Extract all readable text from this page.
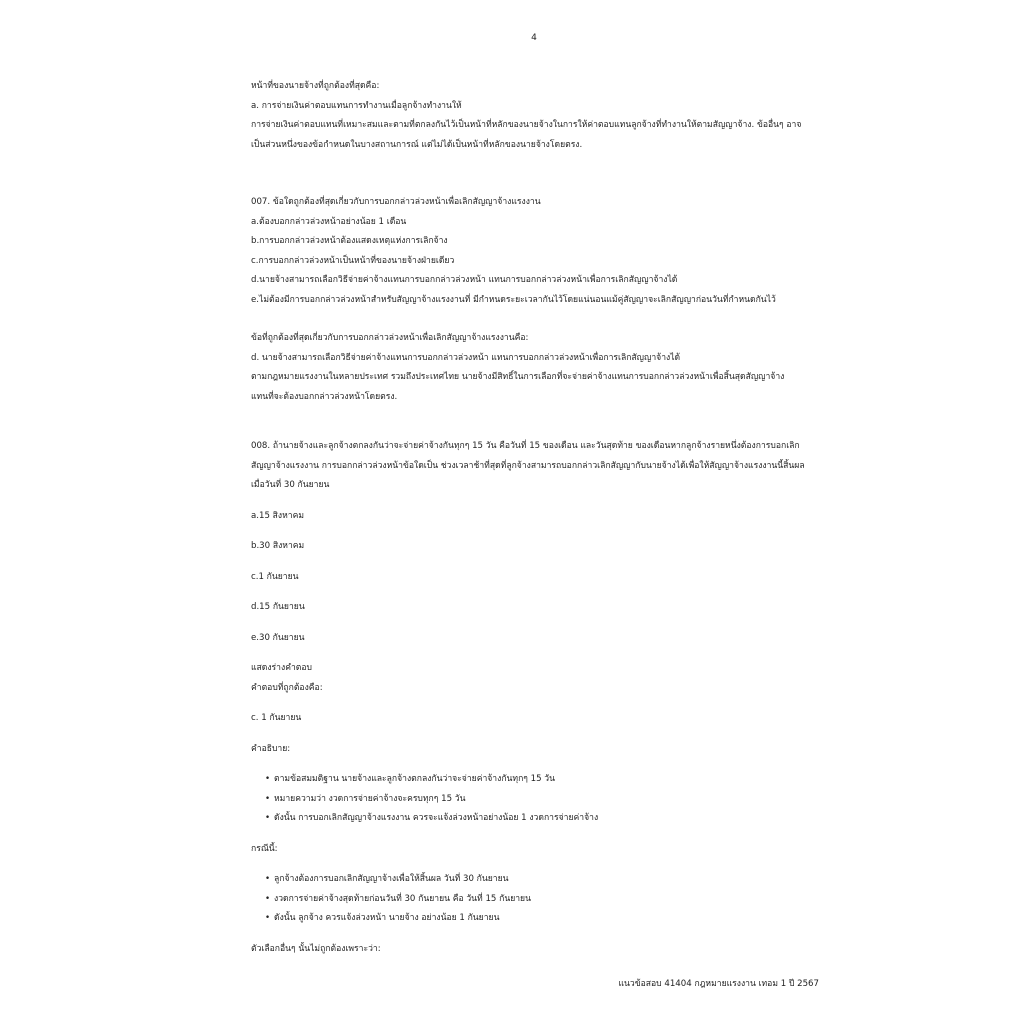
4

หน้าที่ของนายจ้างที่ถูกต้องที่สุดคือ:

a. การจ่ายเงินค่าตอบแทนการทำงานเมื่อลูกจ้างทำงานให้

การจ่ายเงินค่าตอบแทนที่เหมาะสมและตามที่ตกลงกันไว้เป็นหน้าที่หลักของนายจ้างในการให้ค่าตอบแทนลูกจ้างที่ทำงานให้ตามสัญญาจ้าง. ข้ออื่นๆ อาจ

เป็นส่วนหนึ่งของข้อกำหนดในบางสถานการณ์ แต่ไม่ได้เป็นหน้าที่หลักของนายจ้างโดยตรง.

007. ข้อใดถูกต้องที่สุดเกี่ยวกับการบอกกล่าวล่วงหน้าเพื่อเลิกสัญญาจ้างแรงงาน

a.ต้องบอกกล่าวล่วงหน้าอย่างน้อย 1 เดือน

b.การบอกกล่าวล่วงหน้าต้องแสดงเหตุแห่งการเลิกจ้าง

c.การบอกกล่าวล่วงหน้าเป็นหน้าที่ของนายจ้างฝ่ายเดียว

d.นายจ้างสามารถเลือกวิธีจ่ายค่าจ้างแทนการบอกกล่าวล่วงหน้า แทนการบอกกล่าวล่วงหน้าเพื่อการเลิกสัญญาจ้างได้

e.ไม่ต้องมีการบอกกล่าวล่วงหน้าสำหรับสัญญาจ้างแรงงานที่ มีกำหนดระยะเวลากันไว้โดยแน่นอนแม้คู่สัญญาจะเลิกสัญญาก่อนวันที่กำหนดกันไว้

ข้อที่ถูกต้องที่สุดเกี่ยวกับการบอกกล่าวล่วงหน้าเพื่อเลิกสัญญาจ้างแรงงานคือ:

d. นายจ้างสามารถเลือกวิธีจ่ายค่าจ้างแทนการบอกกล่าวล่วงหน้า แทนการบอกกล่าวล่วงหน้าเพื่อการเลิกสัญญาจ้างได้

ตามกฎหมายแรงงานในหลายประเทศ รวมถึงประเทศไทย นายจ้างมีสิทธิ์ในการเลือกที่จะจ่ายค่าจ้างแทนการบอกกล่าวล่วงหน้าเพื่อสิ้นสุดสัญญาจ้าง

แทนที่จะต้องบอกกล่าวล่วงหน้าโดยตรง.

008. ถ้านายจ้างและลูกจ้างตกลงกันว่าจะจ่ายค่าจ้างกันทุกๆ 15 วัน คือวันที่ 15 ของเดือน และวันสุดท้าย ของเดือนหากลูกจ้างรายหนึ่งต้องการบอกเลิก

สัญญาจ้างแรงงาน การบอกกล่าวล่วงหน้าข้อใดเป็น ช่วงเวลาช้าที่สุดที่ลูกจ้างสามารถบอกกล่าวเลิกสัญญากับนายจ้างได้เพื่อให้สัญญาจ้างแรงงานนี้สิ้นผล

เมื่อวันที่ 30 กันยายน

a.15 สิงหาคม

b.30 สิงหาคม

c.1 กันยายน

d.15 กันยายน

e.30 กันยายน

แสดงร่างคำตอบ

คำตอบที่ถูกต้องคือ:

c. 1 กันยายน

คำอธิบาย:

• ตามข้อสมมติฐาน นายจ้างและลูกจ้างตกลงกันว่าจะจ่ายค่าจ้างกันทุกๆ 15 วัน
• หมายความว่า งวดการจ่ายค่าจ้างจะครบทุกๆ 15 วัน
• ดังนั้น การบอกเลิกสัญญาจ้างแรงงาน ควรจะแจ้งล่วงหน้าอย่างน้อย 1 งวดการจ่ายค่าจ้าง

กรณีนี้:

• ลูกจ้างต้องการบอกเลิกสัญญาจ้างเพื่อให้สิ้นผล วันที่ 30 กันยายน
• งวดการจ่ายค่าจ้างสุดท้ายก่อนวันที่ 30 กันยายน คือ วันที่ 15 กันยายน
• ดังนั้น ลูกจ้าง ควรแจ้งล่วงหน้า นายจ้าง อย่างน้อย 1 กันยายน

ตัวเลือกอื่นๆ นั้นไม่ถูกต้องเพราะว่า:

แนวข้อสอบ 41404 กฎหมายแรงงาน เทอม 1 ปี 2567
